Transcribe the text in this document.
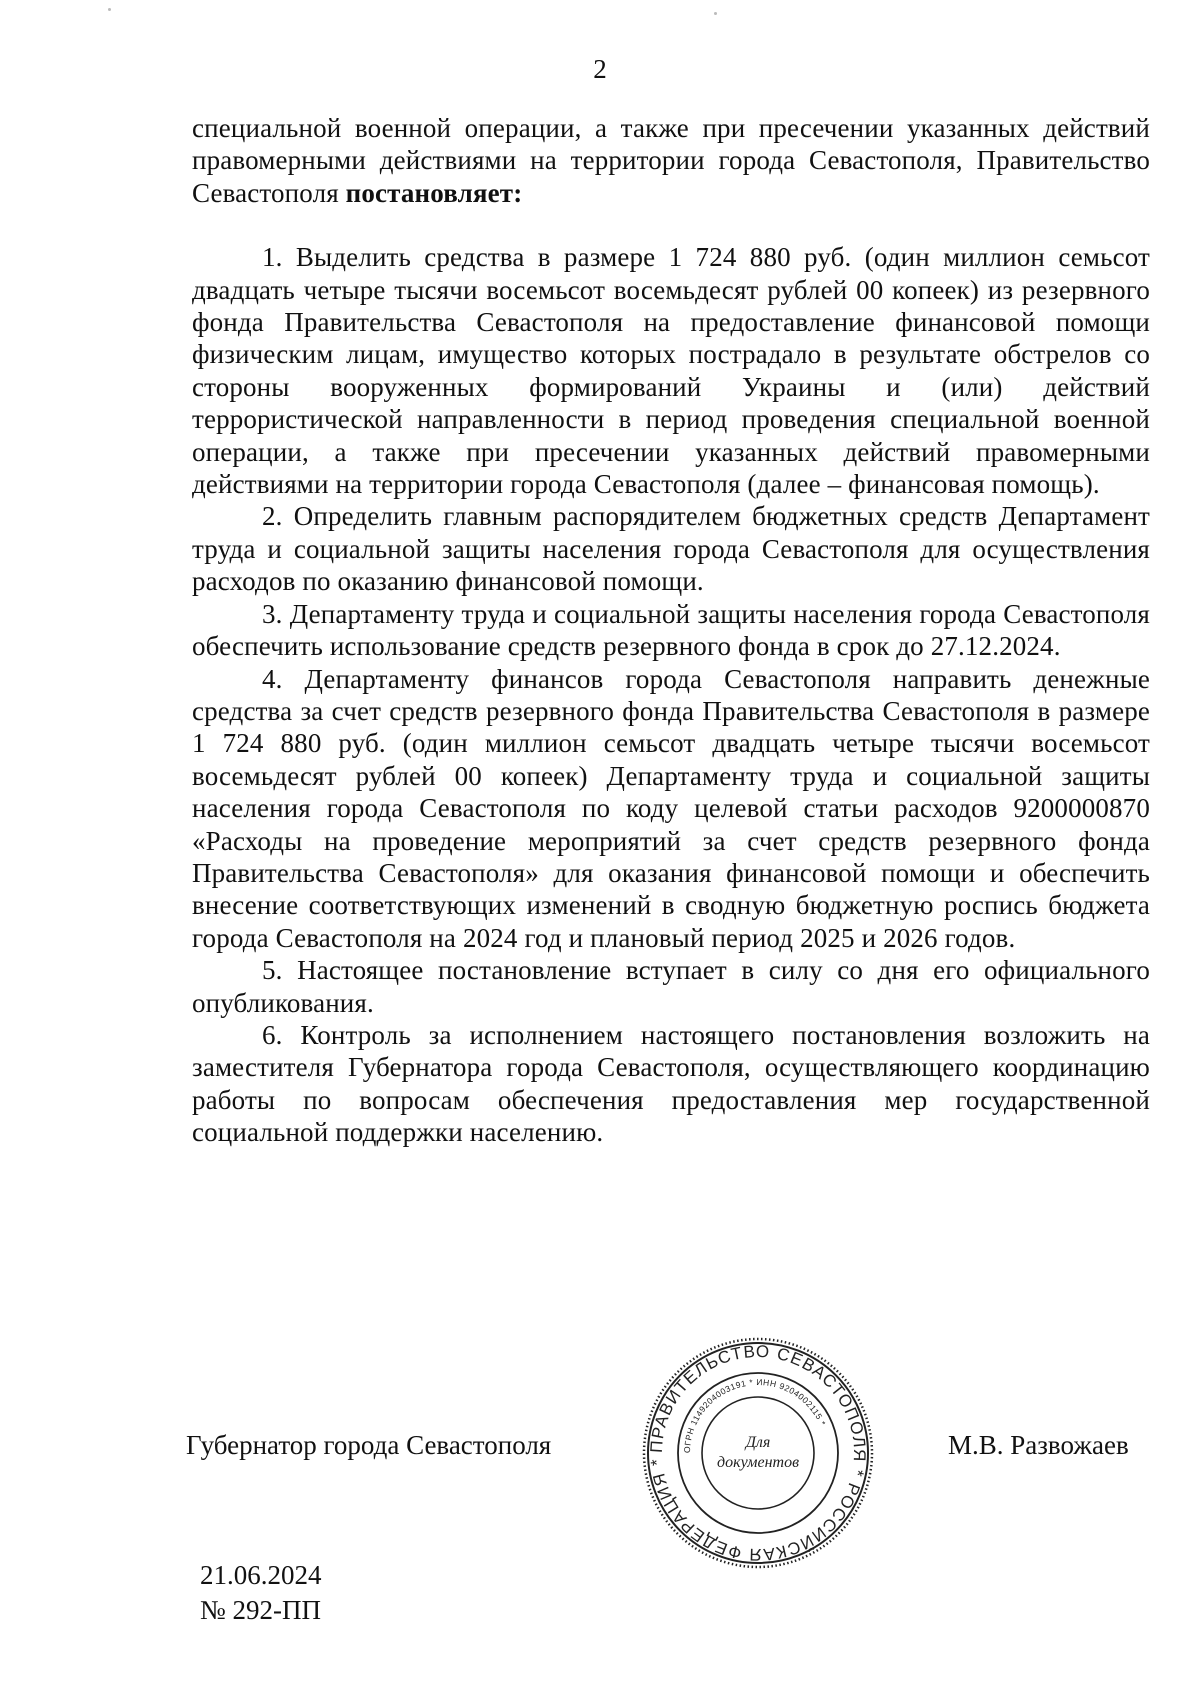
2

специальной военной операции, а также при пресечении указанных действий правомерными действиями на территории города Севастополя, Правительство Севастополя постановляет:

1. Выделить средства в размере 1 724 880 руб. (один миллион семьсот двадцать четыре тысячи восемьсот восемьдесят рублей 00 копеек) из резервного фонда Правительства Севастополя на предоставление финансовой помощи физическим лицам, имущество которых пострадало в результате обстрелов со стороны вооруженных формирований Украины и (или) действий террористической направленности в период проведения специальной военной операции, а также при пресечении указанных действий правомерными действиями на территории города Севастополя (далее – финансовая помощь).

2. Определить главным распорядителем бюджетных средств Департамент труда и социальной защиты населения города Севастополя для осуществления расходов по оказанию финансовой помощи.

3. Департаменту труда и социальной защиты населения города Севастополя обеспечить использование средств резервного фонда в срок до 27.12.2024.

4. Департаменту финансов города Севастополя направить денежные средства за счет средств резервного фонда Правительства Севастополя в размере 1 724 880 руб. (один миллион семьсот двадцать четыре тысячи восемьсот восемьдесят рублей 00 копеек) Департаменту труда и социальной защиты населения города Севастополя по коду целевой статьи расходов 9200000870 «Расходы на проведение мероприятий за счет средств резервного фонда Правительства Севастополя» для оказания финансовой помощи и обеспечить внесение соответствующих изменений в сводную бюджетную роспись бюджета города Севастополя на 2024 год и плановый период 2025 и 2026 годов.

5. Настоящее постановление вступает в силу со дня его официального опубликования.

6. Контроль за исполнением настоящего постановления возложить на заместителя Губернатора города Севастополя, осуществляющего координацию работы по вопросам обеспечения предоставления мер государственной социальной поддержки населению.

Губернатор города Севастополя	ПРАВИТЕЛЬСТВО СЕВАСТОПОЛЯ * РОССИЙСКАЯ ФЕДЕРАЦИЯ *
ОГРН 1149204003191 * ИНН 9204002115 *
Для
документов
М.В. Развожаев
21.06.2024
№ 292-ПП
